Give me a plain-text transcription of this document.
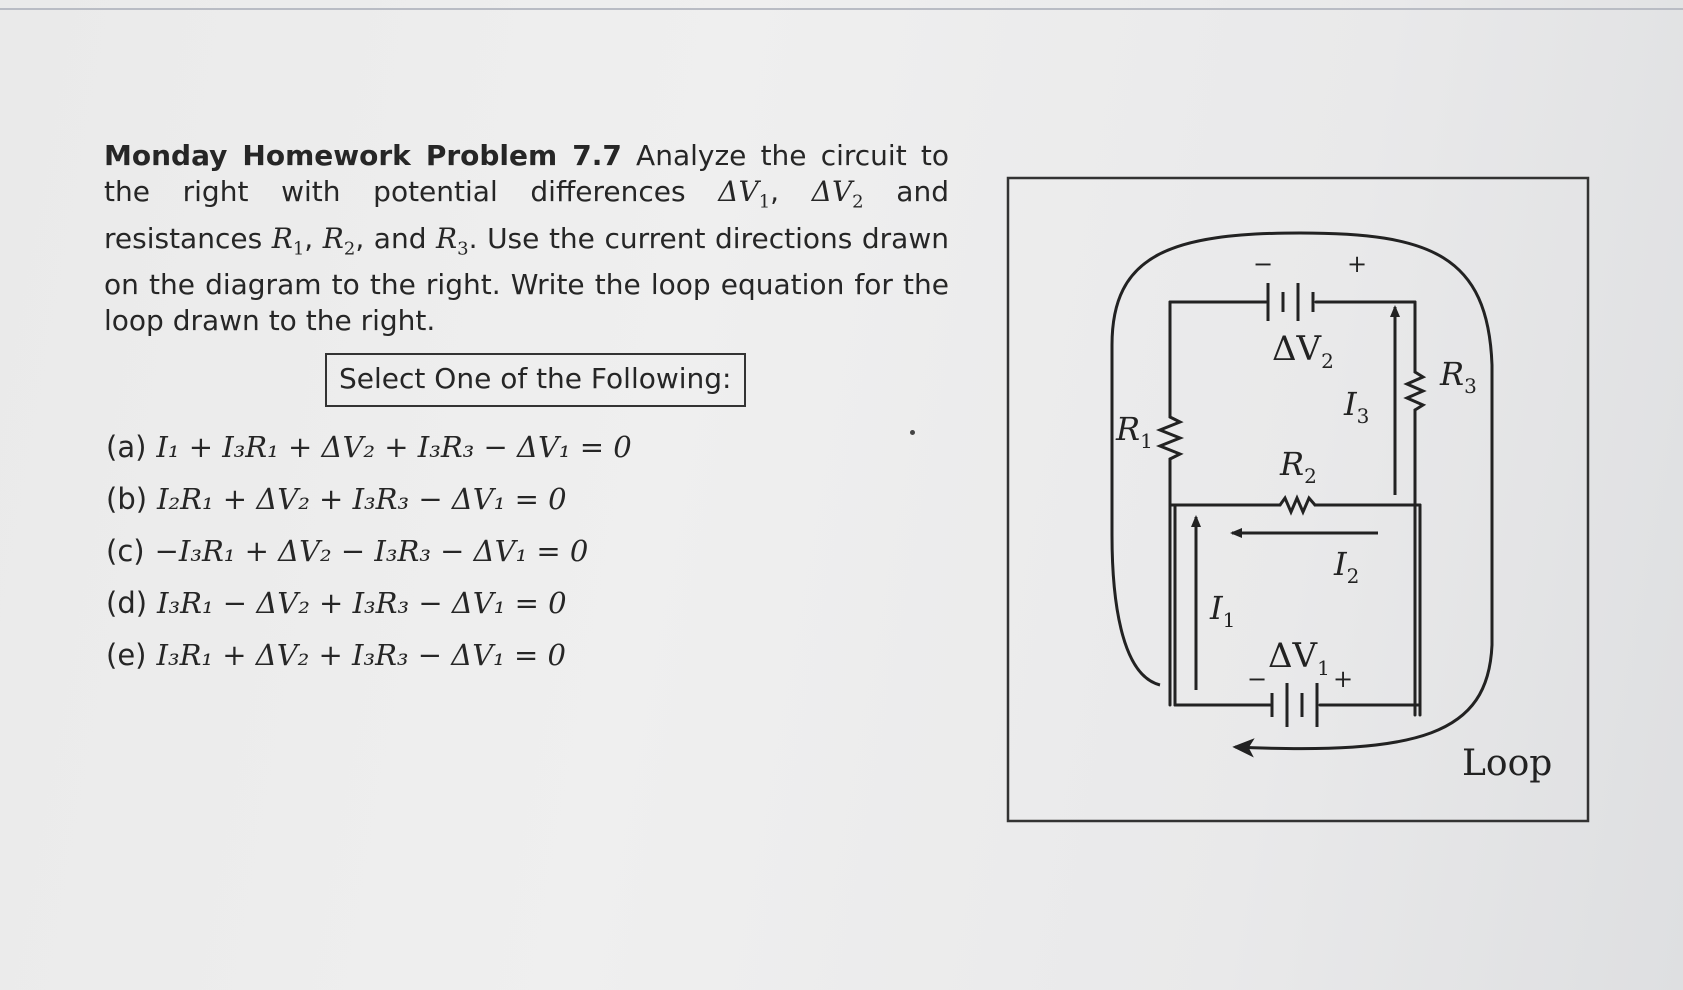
Monday Homework Problem 7.7 Analyze the circuit to the right with potential differences $\Delta V_1$, $\Delta V_2$ and resistances $R_1$, $R_2$, and $R_3$. Use the current directions drawn on the diagram to the right. Write the loop equation for the loop drawn to the right.
Select One of the Following:
(a) I₁ + I₃R₁ + ΔV₂ + I₃R₃ − ΔV₁ = 0
(b) I₂R₁ + ΔV₂ + I₃R₃ − ΔV₁ = 0
(c) −I₃R₁ + ΔV₂ − I₃R₃ − ΔV₁ = 0
(d) I₃R₁ − ΔV₂ + I₃R₃ − ΔV₁ = 0
(e) I₃R₁ + ΔV₂ + I₃R₃ − ΔV₁ = 0
+
−
$\Delta V_2$	$R_3$
$I_3$
$R_1$
$R_2$
$I_2$
$I_1$
$\Delta V_1$
−	+
Loop
